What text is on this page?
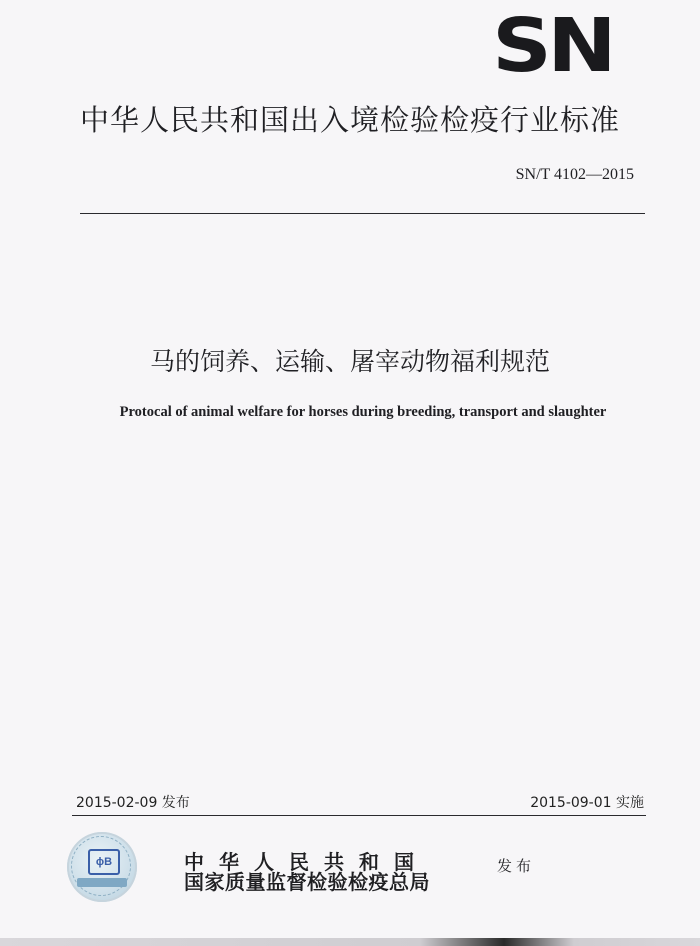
SN
中华人民共和国出入境检验检疫行业标准
SN/T 4102—2015
马的饲养、运输、屠宰动物福利规范
Protocal of animal welfare for horses during breeding, transport and slaughter
2015-02-09 发布	2015-09-01 实施
ɸB	中华人民共和国
国家质量监督检验检疫总局
发布
